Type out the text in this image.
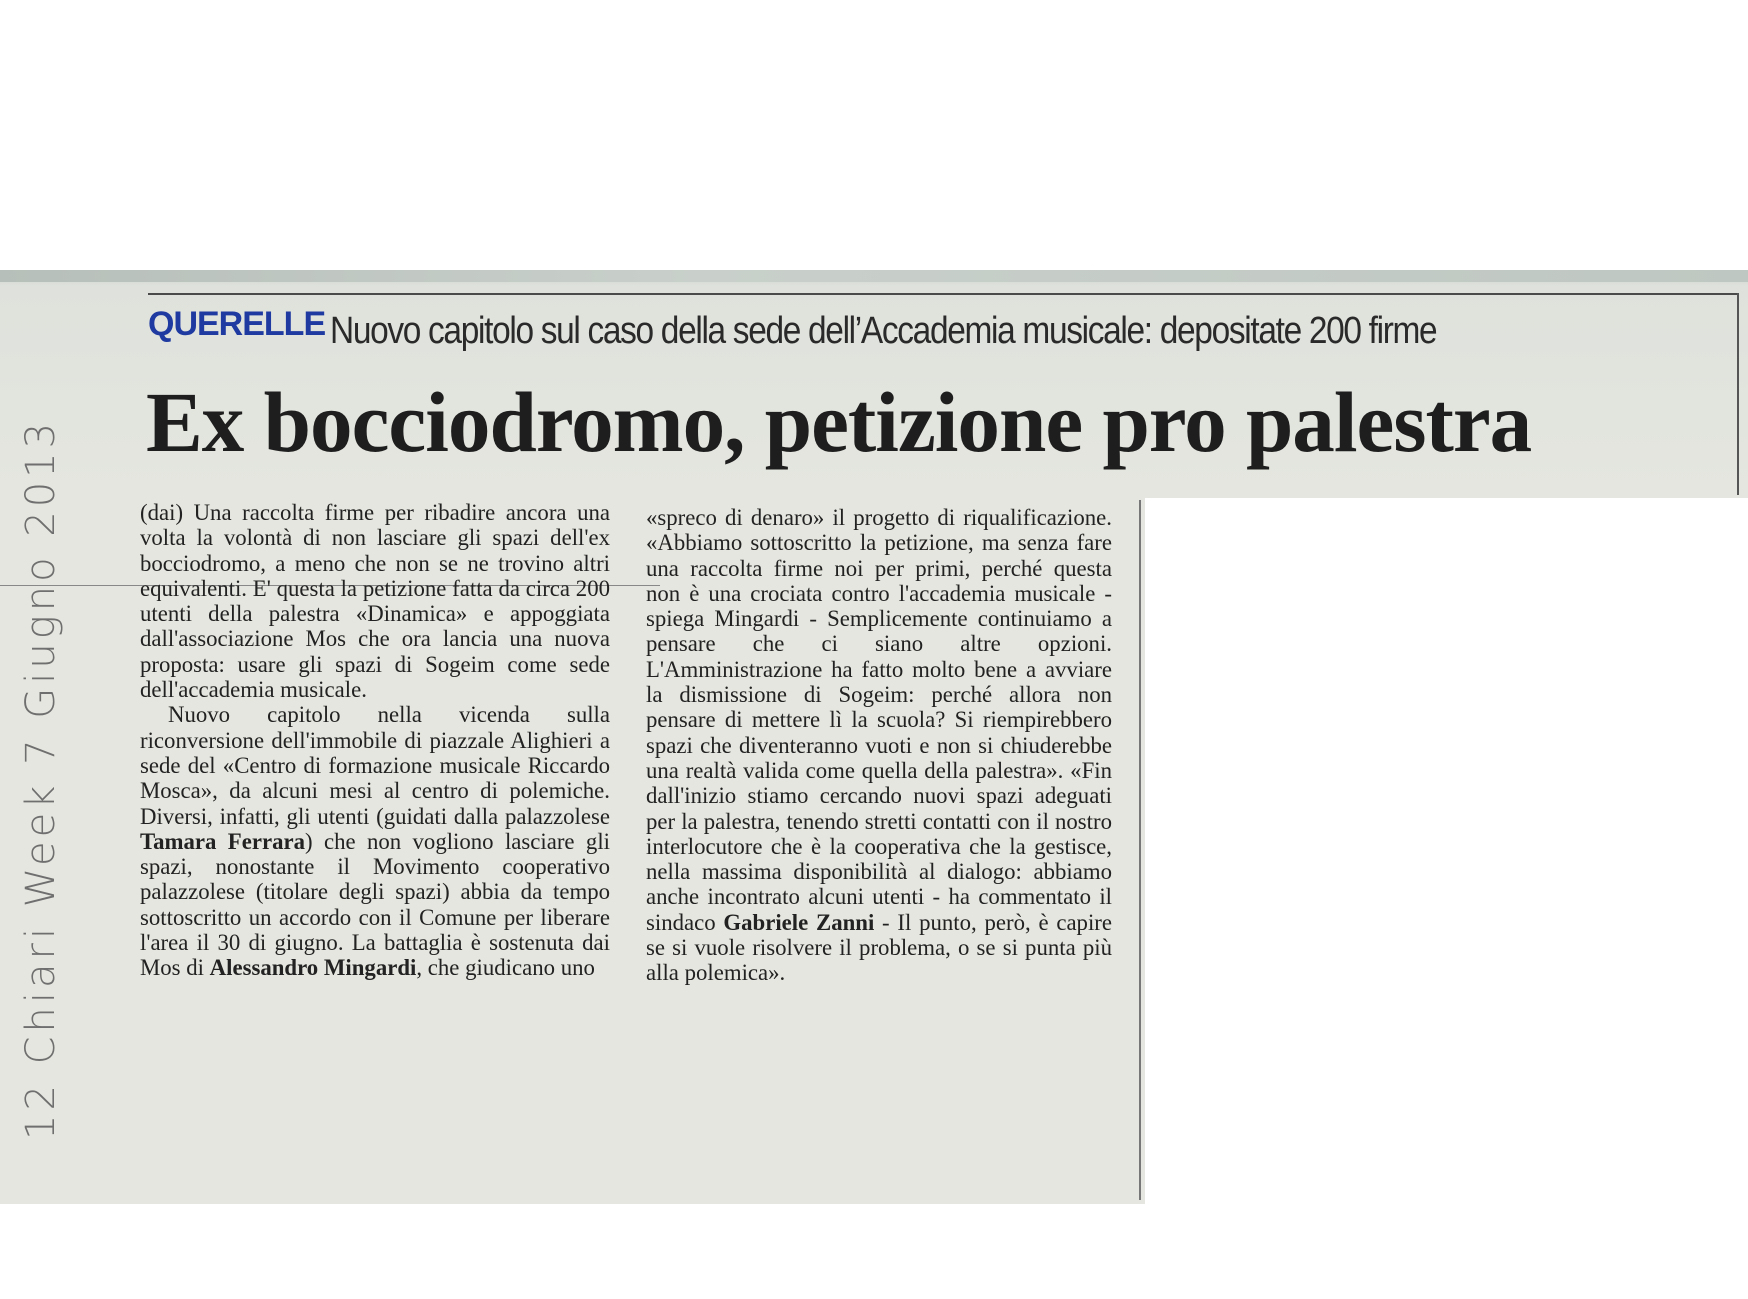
QUERELLE Nuovo capitolo sul caso della sede dell’Accademia musicale: depositate 200 firme
Ex bocciodromo, petizione pro palestra

(dai) Una raccolta firme per ribadire ancora una volta la volontà di non lasciare gli spazi dell'ex bocciodromo, a meno che non se ne trovino altri equivalenti. E' questa la petizione fatta da circa 200 utenti della palestra «Dinamica» e appoggiata dall'associazione Mos che ora lancia una nuova proposta: usare gli spazi di Sogeim come sede dell'accademia musicale.

Nuovo capitolo nella vicenda sulla riconversione dell'immobile di piazzale Alighieri a sede del «Centro di formazione musicale Riccardo Mosca», da alcuni mesi al centro di polemiche. Diversi, infatti, gli utenti (guidati dalla palazzolese Tamara Ferrara) che non vogliono lasciare gli spazi, nonostante il Movimento cooperativo palazzolese (titolare degli spazi) abbia da tempo sottoscritto un accordo con il Comune per liberare l'area il 30 di giugno. La battaglia è sostenuta dai Mos di Alessandro Mingardi, che giudicano uno

«spreco di denaro» il progetto di riqualificazione. «Abbiamo sottoscritto la petizione, ma senza fare una raccolta firme noi per primi, perché questa non è una crociata contro l'accademia musicale - spiega Mingardi - Semplicemente continuiamo a pensare che ci siano altre opzioni. L'Amministrazione ha fatto molto bene a avviare la dismissione di Sogeim: perché allora non pensare di mettere lì la scuola? Si riempirebbero spazi che diventeranno vuoti e non si chiuderebbe una realtà valida come quella della palestra». «Fin dall'inizio stiamo cercando nuovi spazi adeguati per la palestra, tenendo stretti contatti con il nostro interlocutore che è la cooperativa che la gestisce, nella massima disponibilità al dialogo: abbiamo anche incontrato alcuni utenti - ha commentato il sindaco Gabriele Zanni - Il punto, però, è capire se si vuole risolvere il problema, o se si punta più alla polemica».

12 Chiari Week 7 Giugno 2013
